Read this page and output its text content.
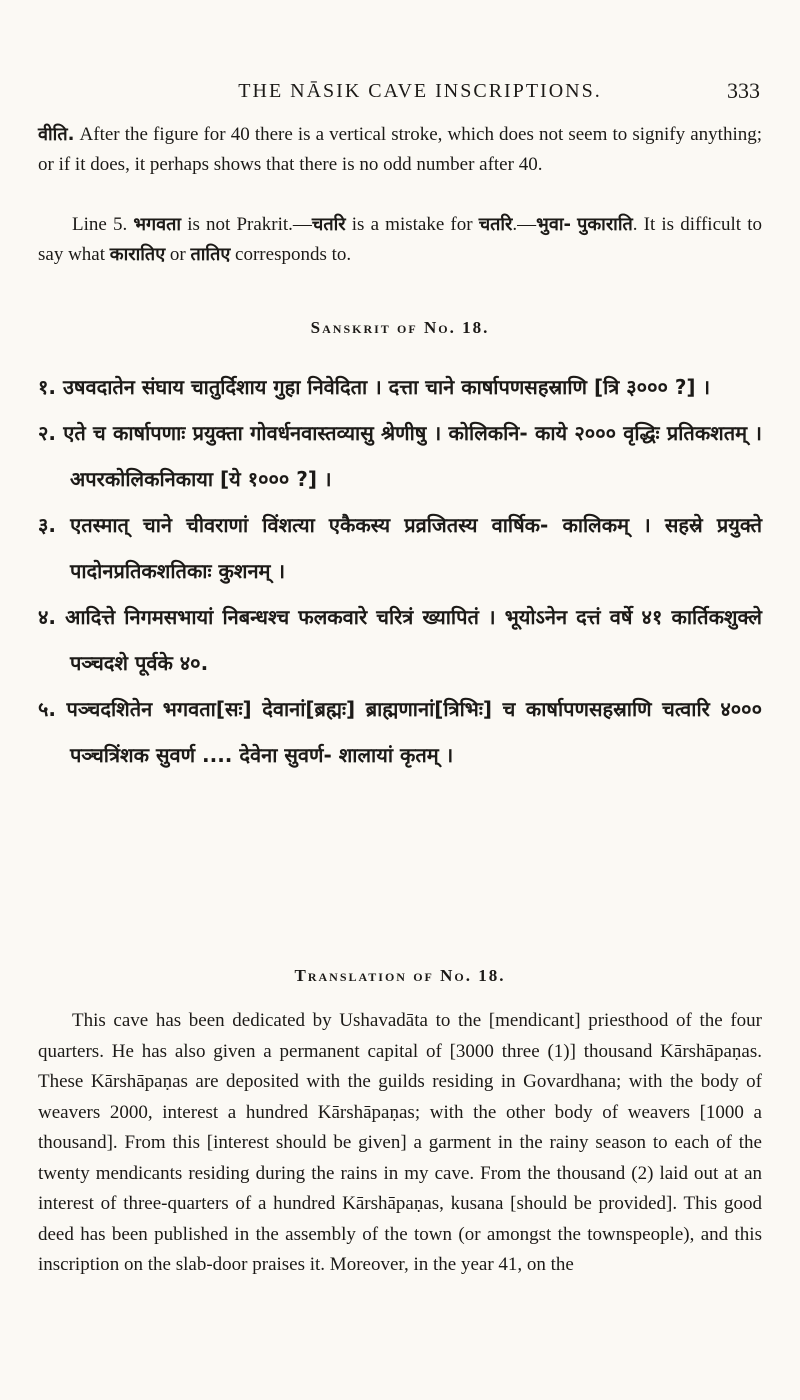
THE NĀSIK CAVE INSCRIPTIONS.	333

वीति. After the figure for 40 there is a vertical stroke, which does not seem to signify anything; or if it does, it perhaps shows that there is no odd number after 40.

Line 5. भगवता is not Prakrit.—चतरि is a mistake for चतरि.—भुवा- पुकाराति. It is difficult to say what कारातिए or तातिए corresponds to.

Sanskrit of No. 18.
१. उषवदातेन संघाय चातुर्दिशाय गुहा निवेदिता । दत्ता चाने कार्षापणसहस्राणि [त्रि ३००० ?] ।
२. एते च कार्षापणाः प्रयुक्ता गोवर्धनवास्तव्यासु श्रेणीषु । कोलिकनि- काये २००० वृद्धिः प्रतिकशतम् । अपरकोलिकनिकाया [ये १००० ?] ।
३. एतस्मात् चाने चीवराणां विंशत्या एकैकस्य प्रव्रजितस्य वार्षिक- कालिकम् । सहस्रे प्रयुक्ते पादोनप्रतिकशतिकाः कुशनम् ।
४. आदित्ते निगमसभायां निबन्धश्च फलकवारे चरित्रं ख्यापितं । भूयोऽनेन दत्तं वर्षे ४१ कार्तिकशुक्ले पञ्चदशे पूर्वके ४०.
५. पञ्चदशितेन भगवता[सः] देवानां[ब्रह्मः] ब्राह्मणानां[त्रिभिः] च कार्षापणसहस्राणि चत्वारि ४००० पञ्चत्रिंशक सुवर्ण .... देवेना सुवर्ण- शालायां कृतम् ।
Translation of No. 18.

This cave has been dedicated by Ushavadāta to the [mendicant] priesthood of the four quarters. He has also given a permanent capital of [3000 three (1)] thousand Kārshāpaṇas. These Kārshāpaṇas are deposited with the guilds residing in Govardhana; with the body of weavers 2000, interest a hundred Kārshāpaṇas; with the other body of weavers [1000 a thousand]. From this [interest should be given] a garment in the rainy season to each of the twenty mendicants residing during the rains in my cave. From the thousand (2) laid out at an interest of three-quarters of a hundred Kārshāpaṇas, kusana [should be provided]. This good deed has been published in the assembly of the town (or amongst the townspeople), and this inscription on the slab-door praises it. Moreover, in the year 41, on the
